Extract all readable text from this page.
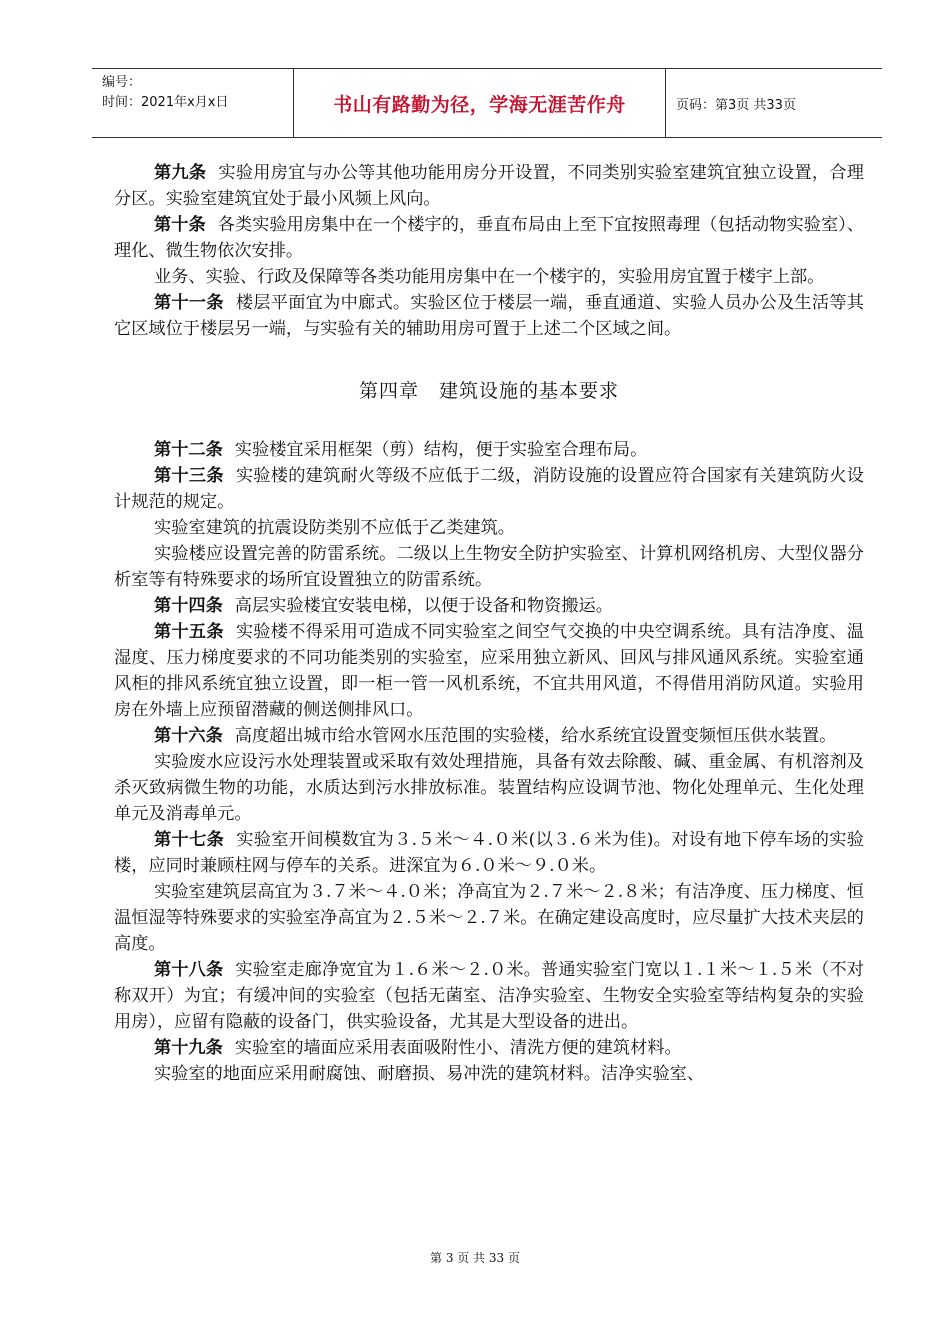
编号：
时间：2021年x月x日	书山有路勤为径，学海无涯苦作舟	页码：第3页 共33页

第九条 实验用房宜与办公等其他功能用房分开设置，不同类别实验室建筑宜独立设置，合理分区。实验室建筑宜处于最小风频上风向。

第十条 各类实验用房集中在一个楼宇的，垂直布局由上至下宜按照毒理（包括动物实验室）、理化、微生物依次安排。

业务、实验、行政及保障等各类功能用房集中在一个楼宇的，实验用房宜置于楼宇上部。

第十一条 楼层平面宜为中廊式。实验区位于楼层一端，垂直通道、实验人员办公及生活等其它区域位于楼层另一端，与实验有关的辅助用房可置于上述二个区域之间。

第四章　建筑设施的基本要求

第十二条 实验楼宜采用框架（剪）结构，便于实验室合理布局。

第十三条 实验楼的建筑耐火等级不应低于二级，消防设施的设置应符合国家有关建筑防火设计规范的规定。

实验室建筑的抗震设防类别不应低于乙类建筑。

实验楼应设置完善的防雷系统。二级以上生物安全防护实验室、计算机网络机房、大型仪器分析室等有特殊要求的场所宜设置独立的防雷系统。

第十四条 高层实验楼宜安装电梯，以便于设备和物资搬运。

第十五条 实验楼不得采用可造成不同实验室之间空气交换的中央空调系统。具有洁净度、温湿度、压力梯度要求的不同功能类别的实验室，应采用独立新风、回风与排风通风系统。实验室通风柜的排风系统宜独立设置，即一柜一管一风机系统，不宜共用风道，不得借用消防风道。实验用房在外墙上应预留潜藏的侧送侧排风口。

第十六条 高度超出城市给水管网水压范围的实验楼，给水系统宜设置变频恒压供水装置。

实验废水应设污水处理装置或采取有效处理措施，具备有效去除酸、碱、重金属、有机溶剂及杀灭致病微生物的功能，水质达到污水排放标准。装置结构应设调节池、物化处理单元、生化处理单元及消毒单元。

第十七条 实验室开间模数宜为３.５米～４.０米(以３.６米为佳)。对设有地下停车场的实验楼，应同时兼顾柱网与停车的关系。进深宜为６.０米～９.０米。

实验室建筑层高宜为３.７米～４.０米；净高宜为２.７米～２.８米；有洁净度、压力梯度、恒温恒湿等特殊要求的实验室净高宜为２.５米～２.７米。在确定建设高度时，应尽量扩大技术夹层的高度。

第十八条 实验室走廊净宽宜为１.６米～２.０米。普通实验室门宽以１.１米～１.５米（不对称双开）为宜；有缓冲间的实验室（包括无菌室、洁净实验室、生物安全实验室等结构复杂的实验用房），应留有隐蔽的设备门，供实验设备，尤其是大型设备的进出。

第十九条 实验室的墙面应采用表面吸附性小、清洗方便的建筑材料。

实验室的地面应采用耐腐蚀、耐磨损、易冲洗的建筑材料。洁净实验室、

第 3 页 共 33 页
